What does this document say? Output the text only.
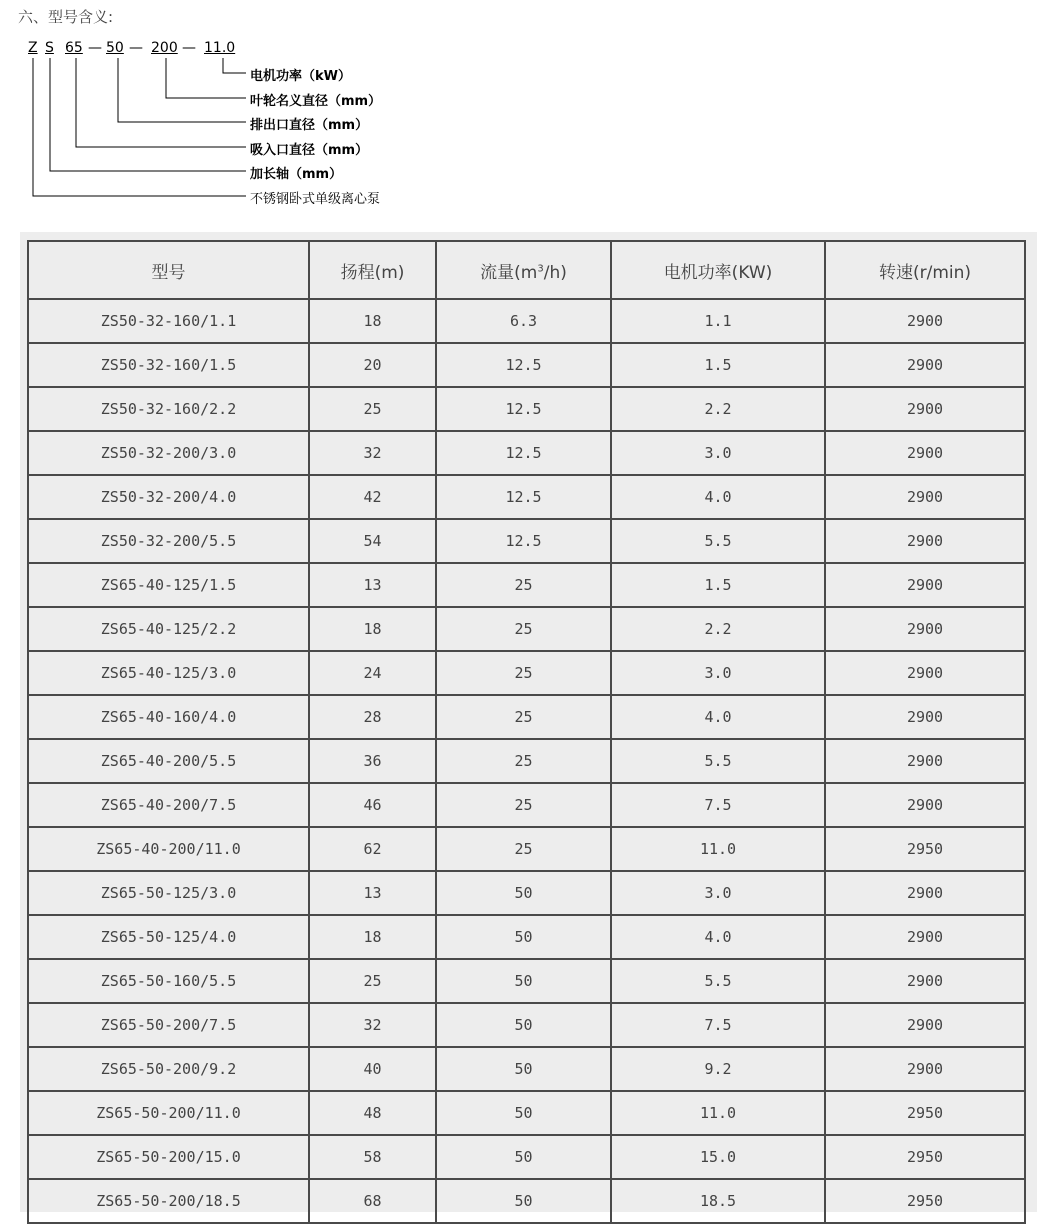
六、型号含义:
Z S 65 — 50 — 200 — 11.0
电机功率（kW）
叶轮名义直径（mm）
排出口直径（mm）
吸入口直径（mm）
加长轴（mm）
不锈钢卧式单级离心泵
型号	扬程(m)	流量$(m^3/h)$	电机功率(KW)	转速(r/min)
ZS50-32-160/1.1	18	6.3	1.1	2900
ZS50-32-160/1.5	20	12.5	1.5	2900
ZS50-32-160/2.2	25	12.5	2.2	2900
ZS50-32-200/3.0	32	12.5	3.0	2900
ZS50-32-200/4.0	42	12.5	4.0	2900
ZS50-32-200/5.5	54	12.5	5.5	2900
ZS65-40-125/1.5	13	25	1.5	2900
ZS65-40-125/2.2	18	25	2.2	2900
ZS65-40-125/3.0	24	25	3.0	2900
ZS65-40-160/4.0	28	25	4.0	2900
ZS65-40-200/5.5	36	25	5.5	2900
ZS65-40-200/7.5	46	25	7.5	2900
ZS65-40-200/11.0	62	25	11.0	2950
ZS65-50-125/3.0	13	50	3.0	2900
ZS65-50-125/4.0	18	50	4.0	2900
ZS65-50-160/5.5	25	50	5.5	2900
ZS65-50-200/7.5	32	50	7.5	2900
ZS65-50-200/9.2	40	50	9.2	2900
ZS65-50-200/11.0	48	50	11.0	2950
ZS65-50-200/15.0	58	50	15.0	2950
ZS65-50-200/18.5	68	50	18.5	2950
